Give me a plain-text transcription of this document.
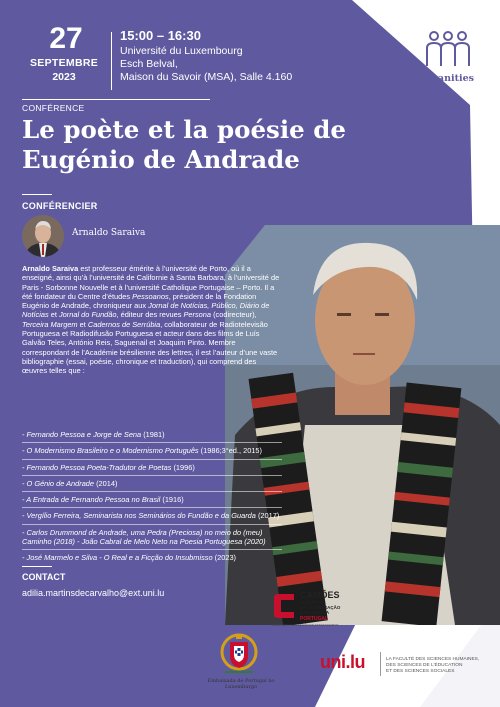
27
SEPTEMBRE
2023
15:00 – 16:30
Université du Luxembourg
Esch Belval,
Maison du Savoir (MSA), Salle 4.160	Humanities
CONFÉRENCE
Le poète et la poésie de
Eugénio de Andrade
CONFÉRENCIER
Arnaldo Saraiva
Arnaldo Saraiva est professeur émérite à l’université de Porto, où il a enseigné, ainsi qu’à l’université de Californie à Santa Barbara, à l’université de Paris - Sorbonne Nouvelle et à l’université Catholique Portugaise – Porto. Il a été fondateur du Centre d’études Pessoanos, président de la Fondation Eugénio de Andrade, chroniqueur aux Jornal de Notícias, Público, Diário de Notícias et Jornal do Fundão, éditeur des revues Persona (codirecteur), Terceira Margem et Cadernos de Serrúbia, collaborateur de Radiotelevisão Portuguesa et Radiodifusão Portuguesa et acteur dans des films de Luís Galvão Teles, António Reis, Saguenail et Joaquim Pinto. Membre correspondant de l’Académie brésilienne des lettres, il est l’auteur d’une vaste bibliographie (essai, poésie, chronique et traduction), qui comprend des œuvres telles que :
- Fernando Pessoa e Jorge de Sena (1981)
- O Modernismo Brasileiro e o Modernismo Português (1986;3°ed., 2015)
- Fernando Pessoa Poeta-Tradutor de Poetas (1996)
- O Génio de Andrade (2014)
- A Entrada de Fernando Pessoa no Brasil (1916)
- Vergílio Ferreira, Seminarista nos Seminários do Fundão e da Guarda (2017)
- Carlos Drummond de Andrade, uma Pedra (Preciosa) no meio do (meu) Caminho (2018) - João Cabral de Melo Neto na Poesia Portuguesa (2020)
- José Marmelo e Silva - O Real e a Ficção do Insubmisso (2023)
CONTACT
adilia.martinsdecarvalho@ext.uni.lu	CAMÕES
INSTITUTO
DA COOPERAÇÃO
E DA LÍNGUA
PORTUGAL
MINISTÉRIO DOS NEGÓCIOS ESTRANGEIROS
Embaixada de Portugal no Luxemburgo
uni.lu	LA FACULTÉ DES SCIENCES HUMAINES,
DES SCIENCES DE L’ÉDUCATION
ET DES SCIENCES SOCIALES
